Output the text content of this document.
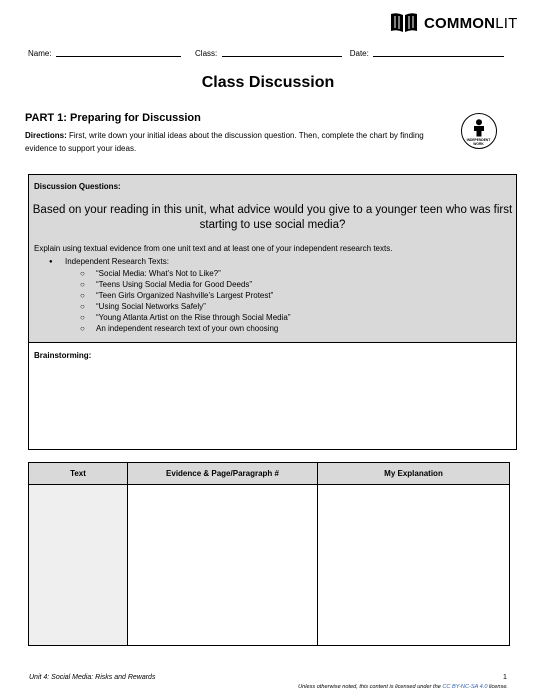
COMMONLIT
Name:	Class:	Date:
Class Discussion
PART 1: Preparing for Discussion
Directions: First, write down your initial ideas about the discussion question. Then, complete the chart by finding evidence to support your ideas.
INDEPENDENT
WORK
Discussion Questions:
Based on your reading in this unit, what advice would you give to a younger teen who was first starting to use social media?
Explain using textual evidence from one unit text and at least one of your independent research texts.
● Independent Research Texts:
○ “Social Media: What’s Not to Like?”
○ “Teens Using Social Media for Good Deeds”
○ “Teen Girls Organized Nashville’s Largest Protest”
○ “Using Social Networks Safely”
○ “Young Atlanta Artist on the Rise through Social Media”
○ An independent research text of your own choosing
Brainstorming:
Text	Evidence & Page/Paragraph #	My Explanation

Unit 4: Social Media: Risks and Rewards	1
Unless otherwise noted, this content is licensed under the CC BY-NC-SA 4.0 license.
